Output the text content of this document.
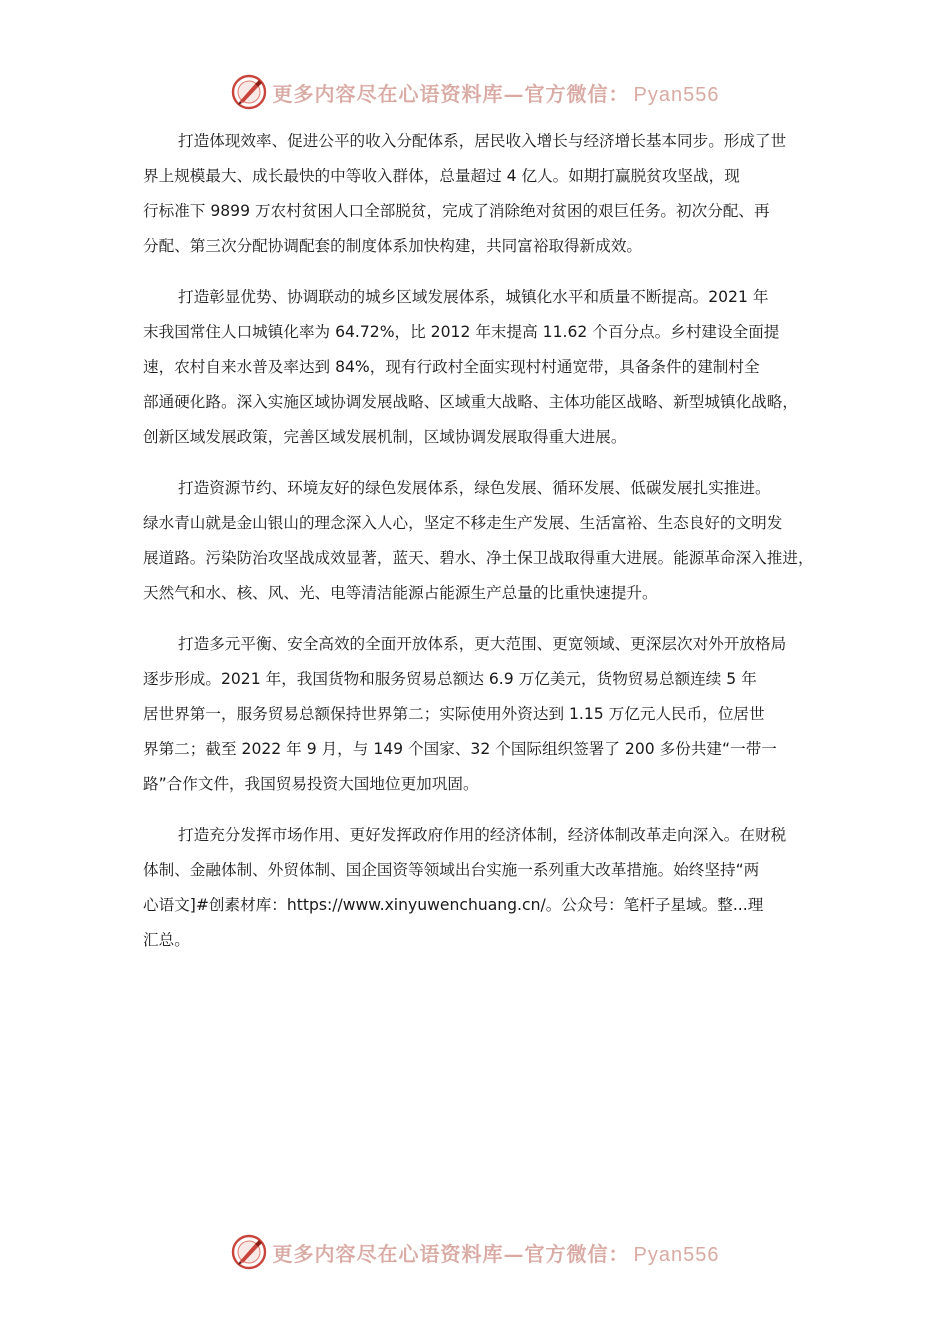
更多内容尽在心语资料库—官方微信： Pyan556
打造体现效率、促进公平的收入分配体系，居民收入增长与经济增长基本同步。形成了世
界上规模最大、成长最快的中等收入群体，总量超过 4 亿人。如期打赢脱贫攻坚战，现
行标准下 9899 万农村贫困人口全部脱贫，完成了消除绝对贫困的艰巨任务。初次分配、再
分配、第三次分配协调配套的制度体系加快构建，共同富裕取得新成效。
打造彰显优势、协调联动的城乡区域发展体系，城镇化水平和质量不断提高。2021 年
末我国常住人口城镇化率为 64.72%，比 2012 年末提高 11.62 个百分点。乡村建设全面提
速，农村自来水普及率达到 84%，现有行政村全面实现村村通宽带，具备条件的建制村全
部通硬化路。深入实施区域协调发展战略、区域重大战略、主体功能区战略、新型城镇化战略，
创新区域发展政策，完善区域发展机制，区域协调发展取得重大进展。
打造资源节约、环境友好的绿色发展体系，绿色发展、循环发展、低碳发展扎实推进。
绿水青山就是金山银山的理念深入人心，坚定不移走生产发展、生活富裕、生态良好的文明发
展道路。污染防治攻坚战成效显著，蓝天、碧水、净土保卫战取得重大进展。能源革命深入推进，
天然气和水、核、风、光、电等清洁能源占能源生产总量的比重快速提升。
打造多元平衡、安全高效的全面开放体系，更大范围、更宽领域、更深层次对外开放格局
逐步形成。2021 年，我国货物和服务贸易总额达 6.9 万亿美元，货物贸易总额连续 5 年
居世界第一，服务贸易总额保持世界第二；实际使用外资达到 1.15 万亿元人民币，位居世
界第二；截至 2022 年 9 月，与 149 个国家、32 个国际组织签署了 200 多份共建“一带一
路”合作文件，我国贸易投资大国地位更加巩固。
打造充分发挥市场作用、更好发挥政府作用的经济体制，经济体制改革走向深入。在财税
体制、金融体制、外贸体制、国企国资等领域出台实施一系列重大改革措施。始终坚持“两
心语文]#创素材库：https://www.xinyuwenchuang.cn/。公众号：笔杆子星域。整...理
汇总。
更多内容尽在心语资料库—官方微信： Pyan556
